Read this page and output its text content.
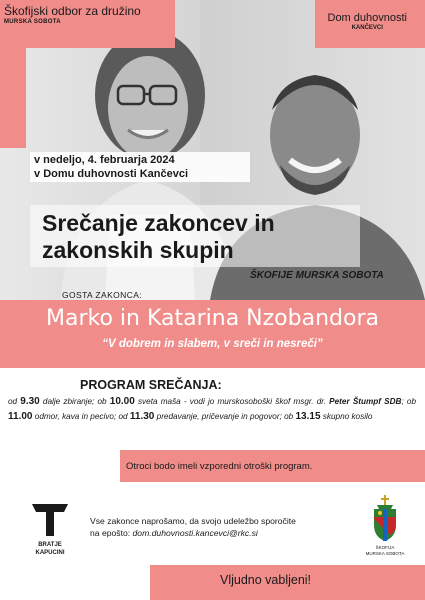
Škofijski odbor za družino
MURSKA SOBOTA	Dom duhovnosti
KANČEVCI
v nedeljo, 4. februarja 2024
v Domu duhovnosti Kančevci
Srečanje zakoncev in
zakonskih skupin
ŠKOFIJE MURSKA SOBOTA
GOSTA ZAKONCA:
Marko in Katarina Nzobandora
“V dobrem in slabem, v sreči in nesreči”
PROGRAM SREČANJA:
od 9.30 dalje zbiranje; ob 10.00 sveta maša - vodi jo murskosoboški škof msgr. dr. Peter Štumpf SDB; ob 11.00 odmor, kava in pecivo; od 11.30 predavanje, pričevanje in pogovor; ob 13.15 skupno kosilo
Otroci bodo imeli vzporedni otroški program.
BRATJE
KAPUCINI
Vse zakonce naprošamo, da svojo udeležbo sporočite
na epošto: dom.duhovnosti.kancevci@rkc.si
ŠKOFIJA
MURSKA SOBOTA
Vljudno vabljeni!
